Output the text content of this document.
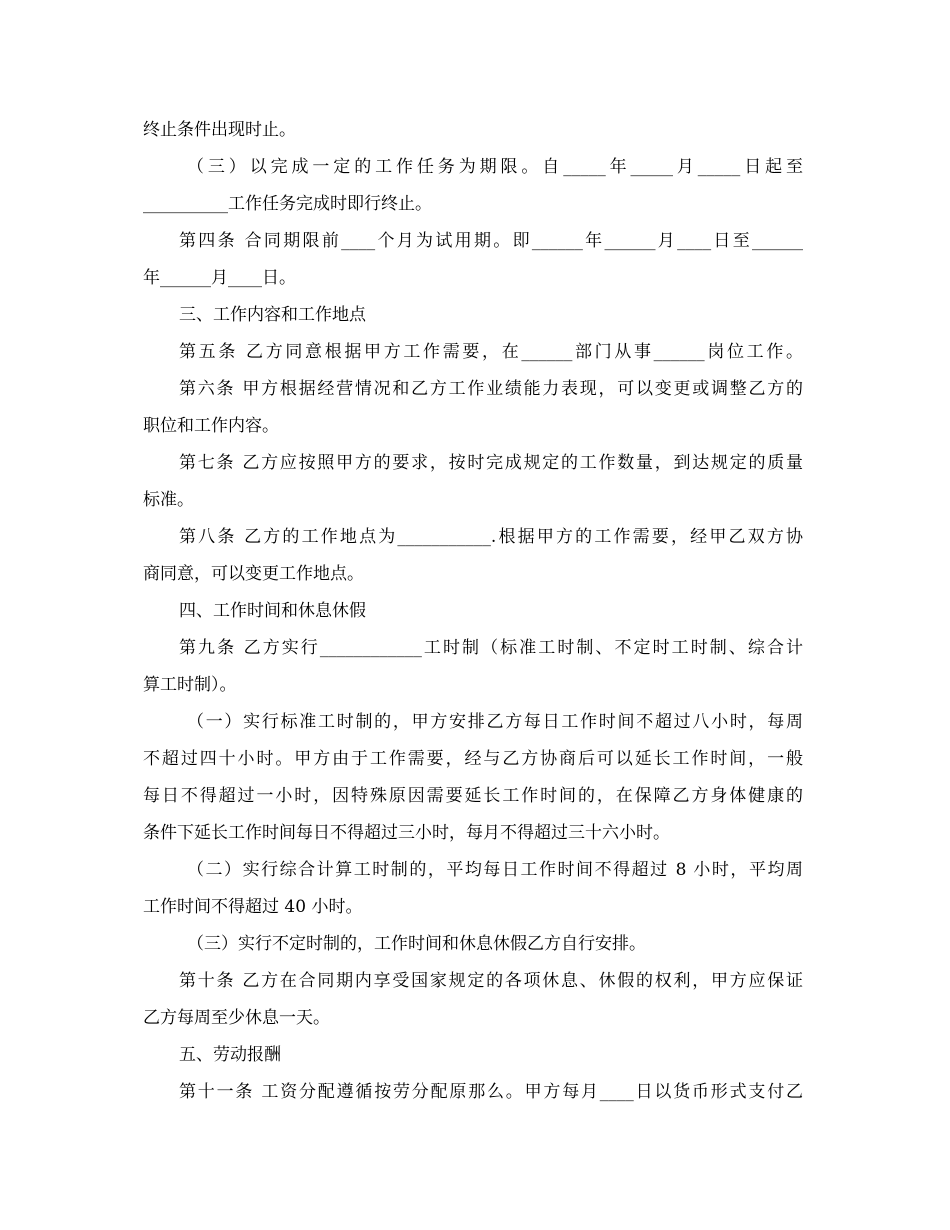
终止条件出现时止。
（三）以完成一定的工作任务为期限。自_____年_____月_____日起至
__________工作任务完成时即行终止。
第四条 合同期限前____个月为试用期。即______年______月____日至______
年______月____日。
三、工作内容和工作地点
第五条 乙方同意根据甲方工作需要，在______部门从事______岗位工作。
第六条 甲方根据经营情况和乙方工作业绩能力表现，可以变更或调整乙方的
职位和工作内容。
第七条 乙方应按照甲方的要求，按时完成规定的工作数量，到达规定的质量
标准。
第八条 乙方的工作地点为___________.根据甲方的工作需要，经甲乙双方协
商同意，可以变更工作地点。
四、工作时间和休息休假
第九条 乙方实行____________工时制（标准工时制、不定时工时制、综合计
算工时制）。
（一）实行标准工时制的，甲方安排乙方每日工作时间不超过八小时，每周
不超过四十小时。甲方由于工作需要，经与乙方协商后可以延长工作时间，一般
每日不得超过一小时，因特殊原因需要延长工作时间的，在保障乙方身体健康的
条件下延长工作时间每日不得超过三小时，每月不得超过三十六小时。
（二）实行综合计算工时制的，平均每日工作时间不得超过 8 小时，平均周
工作时间不得超过 40 小时。
（三）实行不定时制的，工作时间和休息休假乙方自行安排。
第十条 乙方在合同期内享受国家规定的各项休息、休假的权利，甲方应保证
乙方每周至少休息一天。
五、劳动报酬
第十一条 工资分配遵循按劳分配原那么。甲方每月____日以货币形式支付乙
